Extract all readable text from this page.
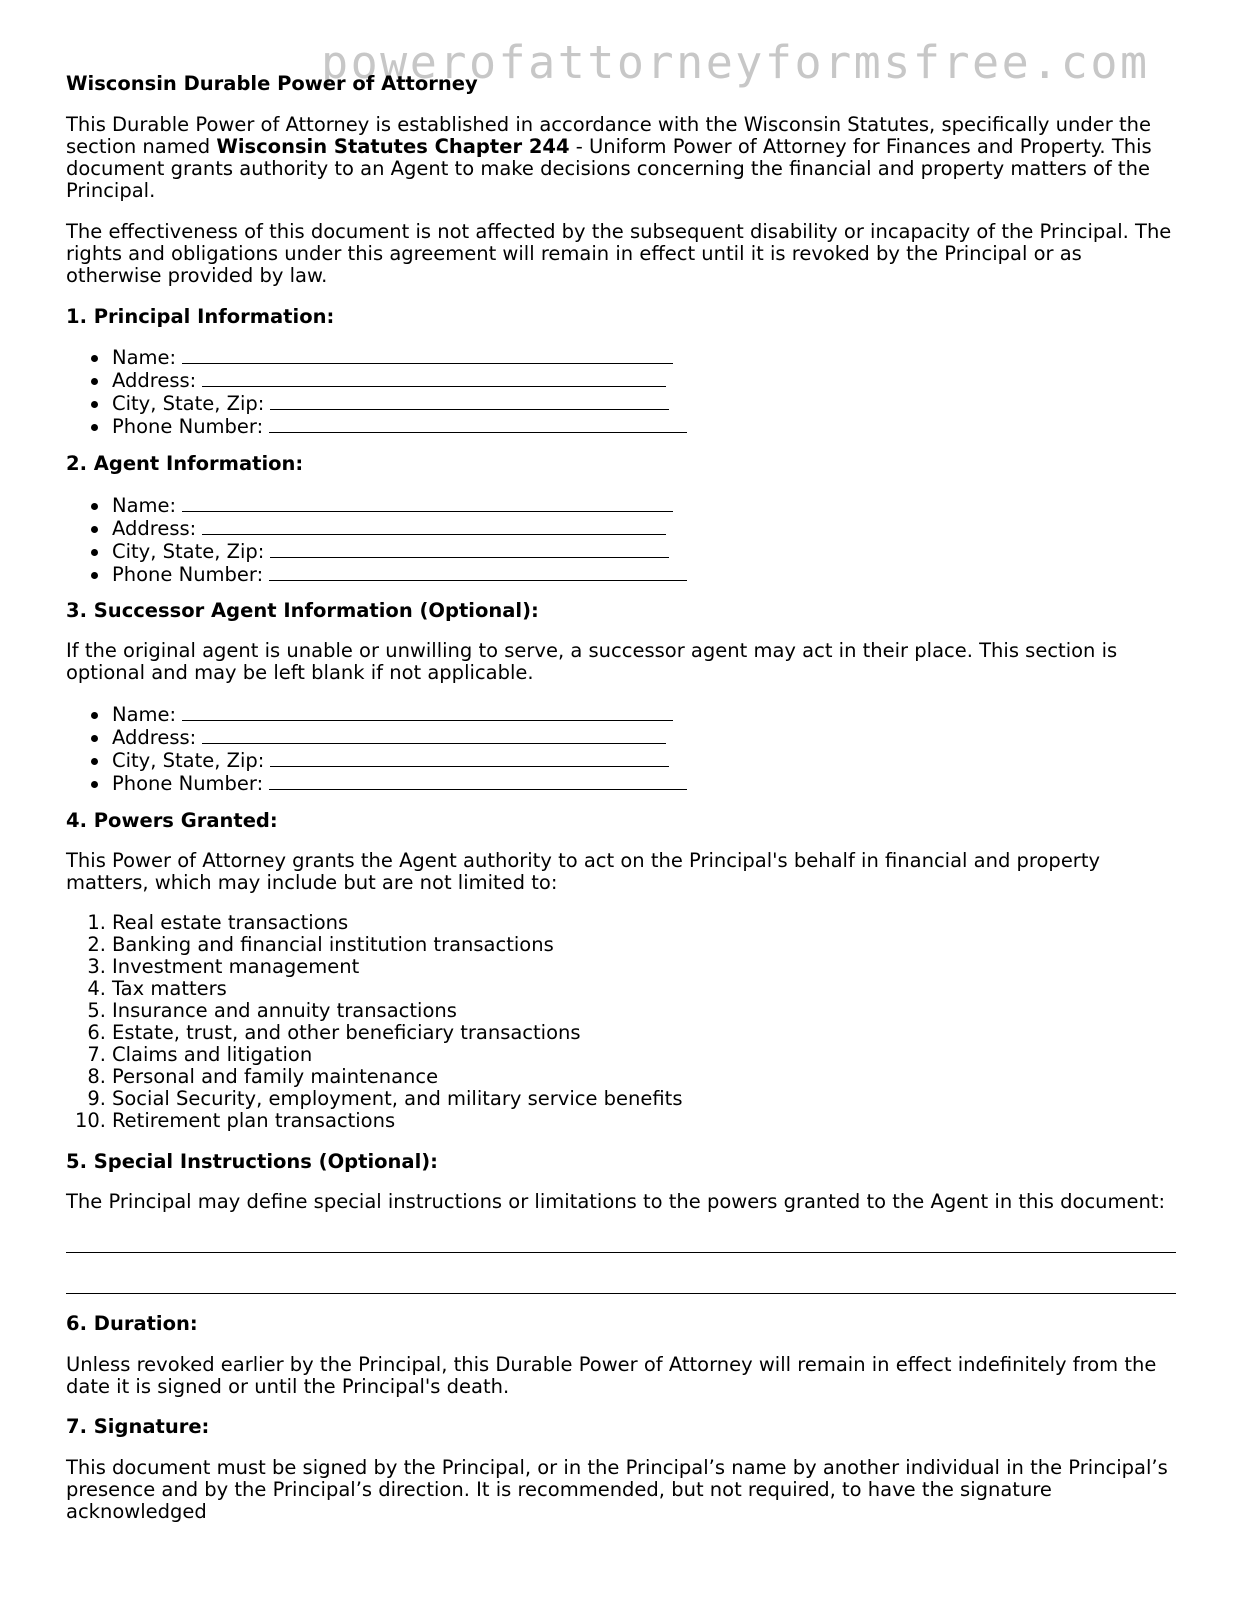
powerofattorneyformsfree.com

Wisconsin Durable Power of Attorney

This Durable Power of Attorney is established in accordance with the Wisconsin Statutes, specifically under the section named Wisconsin Statutes Chapter 244 - Uniform Power of Attorney for Finances and Property. This document grants authority to an Agent to make decisions concerning the financial and property matters of the Principal.

The effectiveness of this document is not affected by the subsequent disability or incapacity of the Principal. The rights and obligations under this agreement will remain in effect until it is revoked by the Principal or as otherwise provided by law.

1. Principal Information:

Name:
Address:
City, State, Zip:
Phone Number:

2. Agent Information:

Name:
Address:
City, State, Zip:
Phone Number:

3. Successor Agent Information (Optional):

If the original agent is unable or unwilling to serve, a successor agent may act in their place. This section is optional and may be left blank if not applicable.

Name:
Address:
City, State, Zip:
Phone Number:

4. Powers Granted:

This Power of Attorney grants the Agent authority to act on the Principal's behalf in financial and property matters, which may include but are not limited to:

1. Real estate transactions
2. Banking and financial institution transactions
3. Investment management
4. Tax matters
5. Insurance and annuity transactions
6. Estate, trust, and other beneficiary transactions
7. Claims and litigation
8. Personal and family maintenance
9. Social Security, employment, and military service benefits
10. Retirement plan transactions

5. Special Instructions (Optional):

The Principal may define special instructions or limitations to the powers granted to the Agent in this document:

6. Duration:

Unless revoked earlier by the Principal, this Durable Power of Attorney will remain in effect indefinitely from the date it is signed or until the Principal's death.

7. Signature:

This document must be signed by the Principal, or in the Principal’s name by another individual in the Principal’s presence and by the Principal’s direction. It is recommended, but not required, to have the signature acknowledged
